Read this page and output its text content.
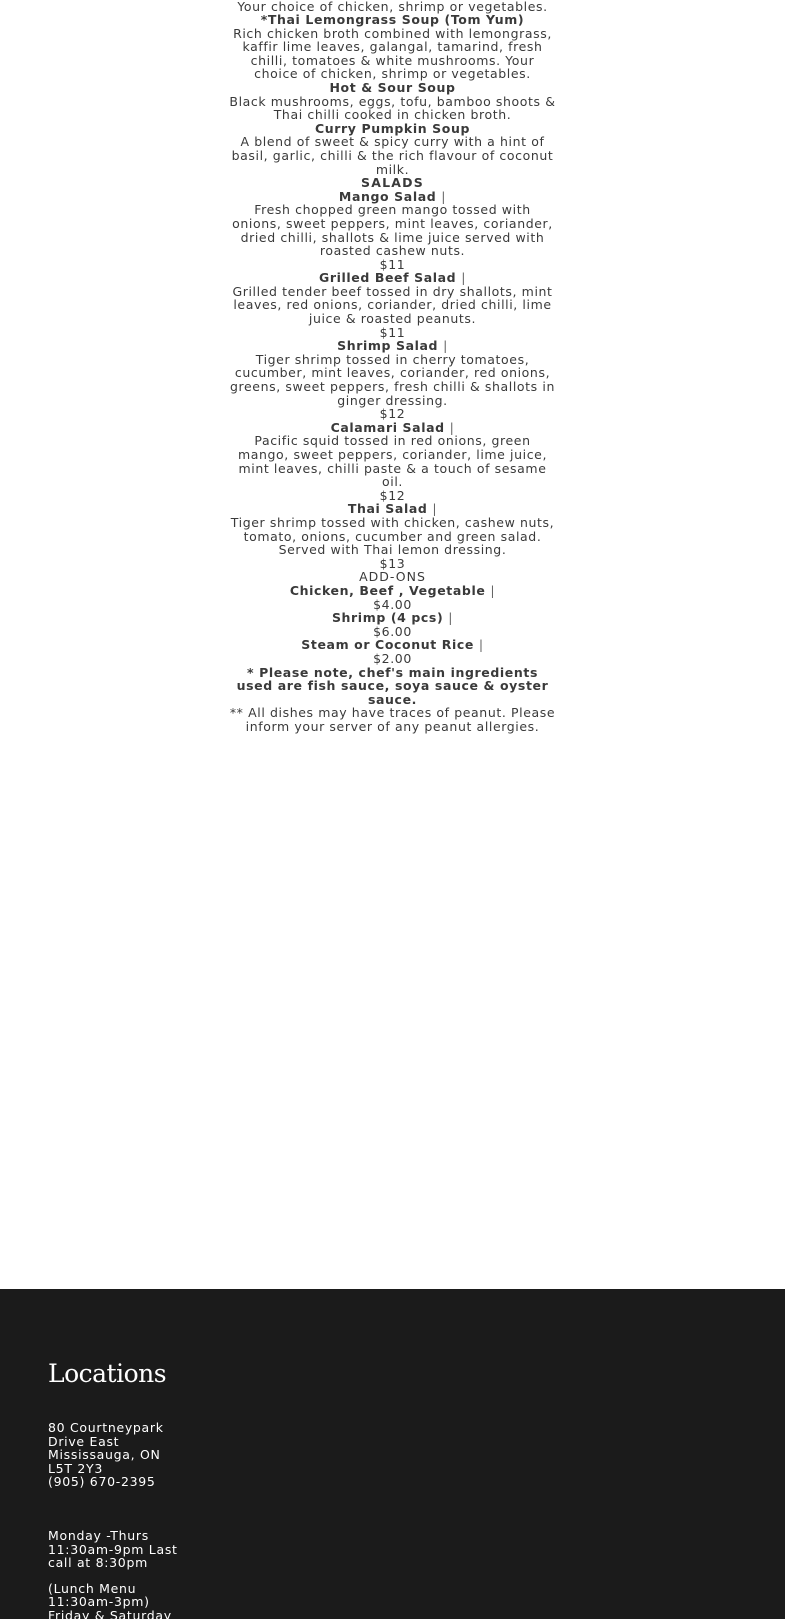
Your choice of chicken, shrimp or vegetables.

*Thai Lemongrass Soup (Tom Yum)

Rich chicken broth combined with lemongrass, kaffir lime leaves, galangal, tamarind, fresh chilli, tomatoes & white mushrooms. Your choice of chicken, shrimp or vegetables.

Hot & Sour Soup

Black mushrooms, eggs, tofu, bamboo shoots & Thai chilli cooked in chicken broth.

Curry Pumpkin Soup

A blend of sweet & spicy curry with a hint of basil, garlic, chilli & the rich flavour of coconut milk.

SALADS

Mango Salad |

Fresh chopped green mango tossed with onions, sweet peppers, mint leaves, coriander, dried chilli, shallots & lime juice served with roasted cashew nuts.

$11

Grilled Beef Salad |

Grilled tender beef tossed in dry shallots, mint leaves, red onions, coriander, dried chilli, lime juice & roasted peanuts.

$11

Shrimp Salad |

Tiger shrimp tossed in cherry tomatoes, cucumber, mint leaves, coriander, red onions, greens, sweet peppers, fresh chilli & shallots in ginger dressing.

$12

Calamari Salad |

Pacific squid tossed in red onions, green mango, sweet peppers, coriander, lime juice, mint leaves, chilli paste & a touch of sesame oil.

$12

Thai Salad |

Tiger shrimp tossed with chicken, cashew nuts, tomato, onions, cucumber and green salad. Served with Thai lemon dressing.

$13

ADD-ONS

Chicken, Beef , Vegetable |

$4.00

Shrimp (4 pcs) |

$6.00

Steam or Coconut Rice |

$2.00

* Please note, chef's main ingredients used are fish sauce, soya sauce & oyster sauce.

** All dishes may have traces of peanut. Please inform your server of any peanut allergies.

Locations

80 Courtneypark Drive East

Mississauga, ON

L5T 2Y3

(905) 670-2395

Monday -Thurs

11:30am-9pm Last call at 8:30pm

(Lunch Menu 11:30am-3pm)

Friday & Saturday
